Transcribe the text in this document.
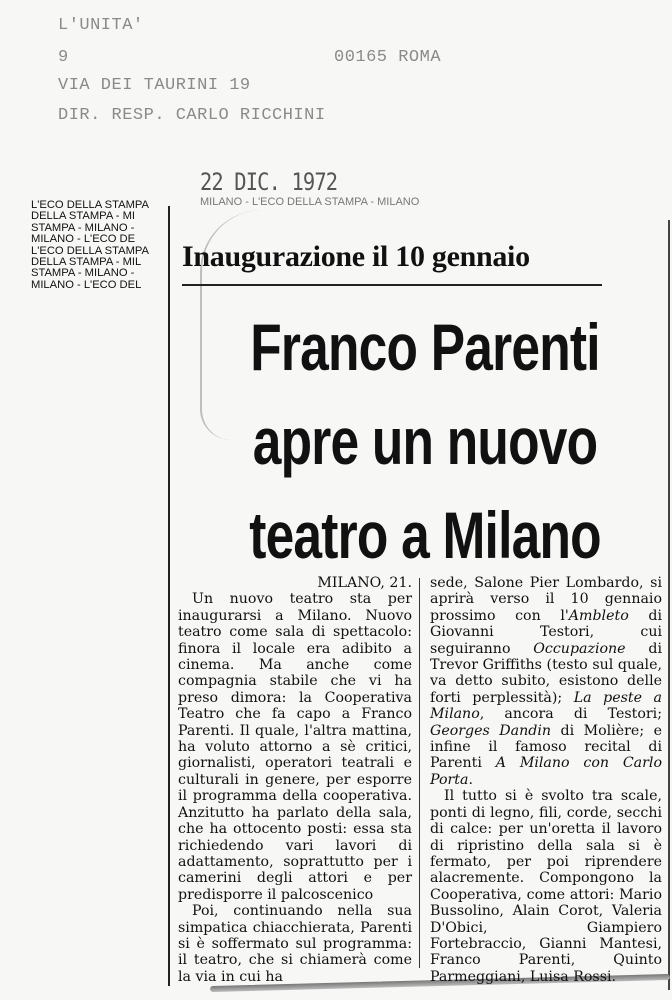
L'UNITA'
9	00165 ROMA
VIA DEI TAURINI 19
DIR. RESP. CARLO RICCHINI
22 DIC. 1972
MILANO - L'ECO DELLA STAMPA - MILANO
L'ECO DELLA STAMPA
DELLA STAMPA - MI
STAMPA - MILANO -
MILANO - L'ECO DE
L'ECO DELLA STAMPA
DELLA STAMPA - MIL
STAMPA - MILANO -
MILANO - L'ECO DEL
Inaugurazione il 10 gennaio
Franco Parenti
apre un nuovo
teatro a Milano
MILANO, 21.

Un nuovo teatro sta per inaugurarsi a Milano. Nuovo teatro come sala di spettacolo: finora il locale era adibito a cinema. Ma anche come compagnia stabile che vi ha preso dimora: la Cooperativa Teatro che fa capo a Franco Parenti. Il quale, l'altra mattina, ha voluto attorno a sè critici, giornalisti, operatori teatrali e culturali in genere, per esporre il programma della cooperativa. Anzitutto ha parlato della sala, che ha ottocento posti: essa sta richiedendo vari lavori di adattamento, soprattutto per i camerini degli attori e per predisporre il palcoscenico

Poi, continuando nella sua simpatica chiacchierata, Parenti si è soffermato sul programma: il teatro, che si chiamerà come la via in cui ha

sede, Salone Pier Lombardo, si aprirà verso il 10 gennaio prossimo con l'Ambleto di Giovanni Testori, cui seguiranno Occupazione di Trevor Griffiths (testo sul quale, va detto subito, esistono delle forti perplessità); La peste a Milano, ancora di Testori; Georges Dandin di Molière; e infine il famoso recital di Parenti A Milano con Carlo Porta.

Il tutto si è svolto tra scale, ponti di legno, fili, corde, secchi di calce: per un'oretta il lavoro di ripristino della sala si è fermato, per poi riprendere alacremente. Compongono la Cooperativa, come attori: Mario Bussolino, Alain Corot, Valeria D'Obici, Giampiero Fortebraccio, Gianni Mantesi, Franco Parenti, Quinto Parmeggiani, Luisa Rossi.
